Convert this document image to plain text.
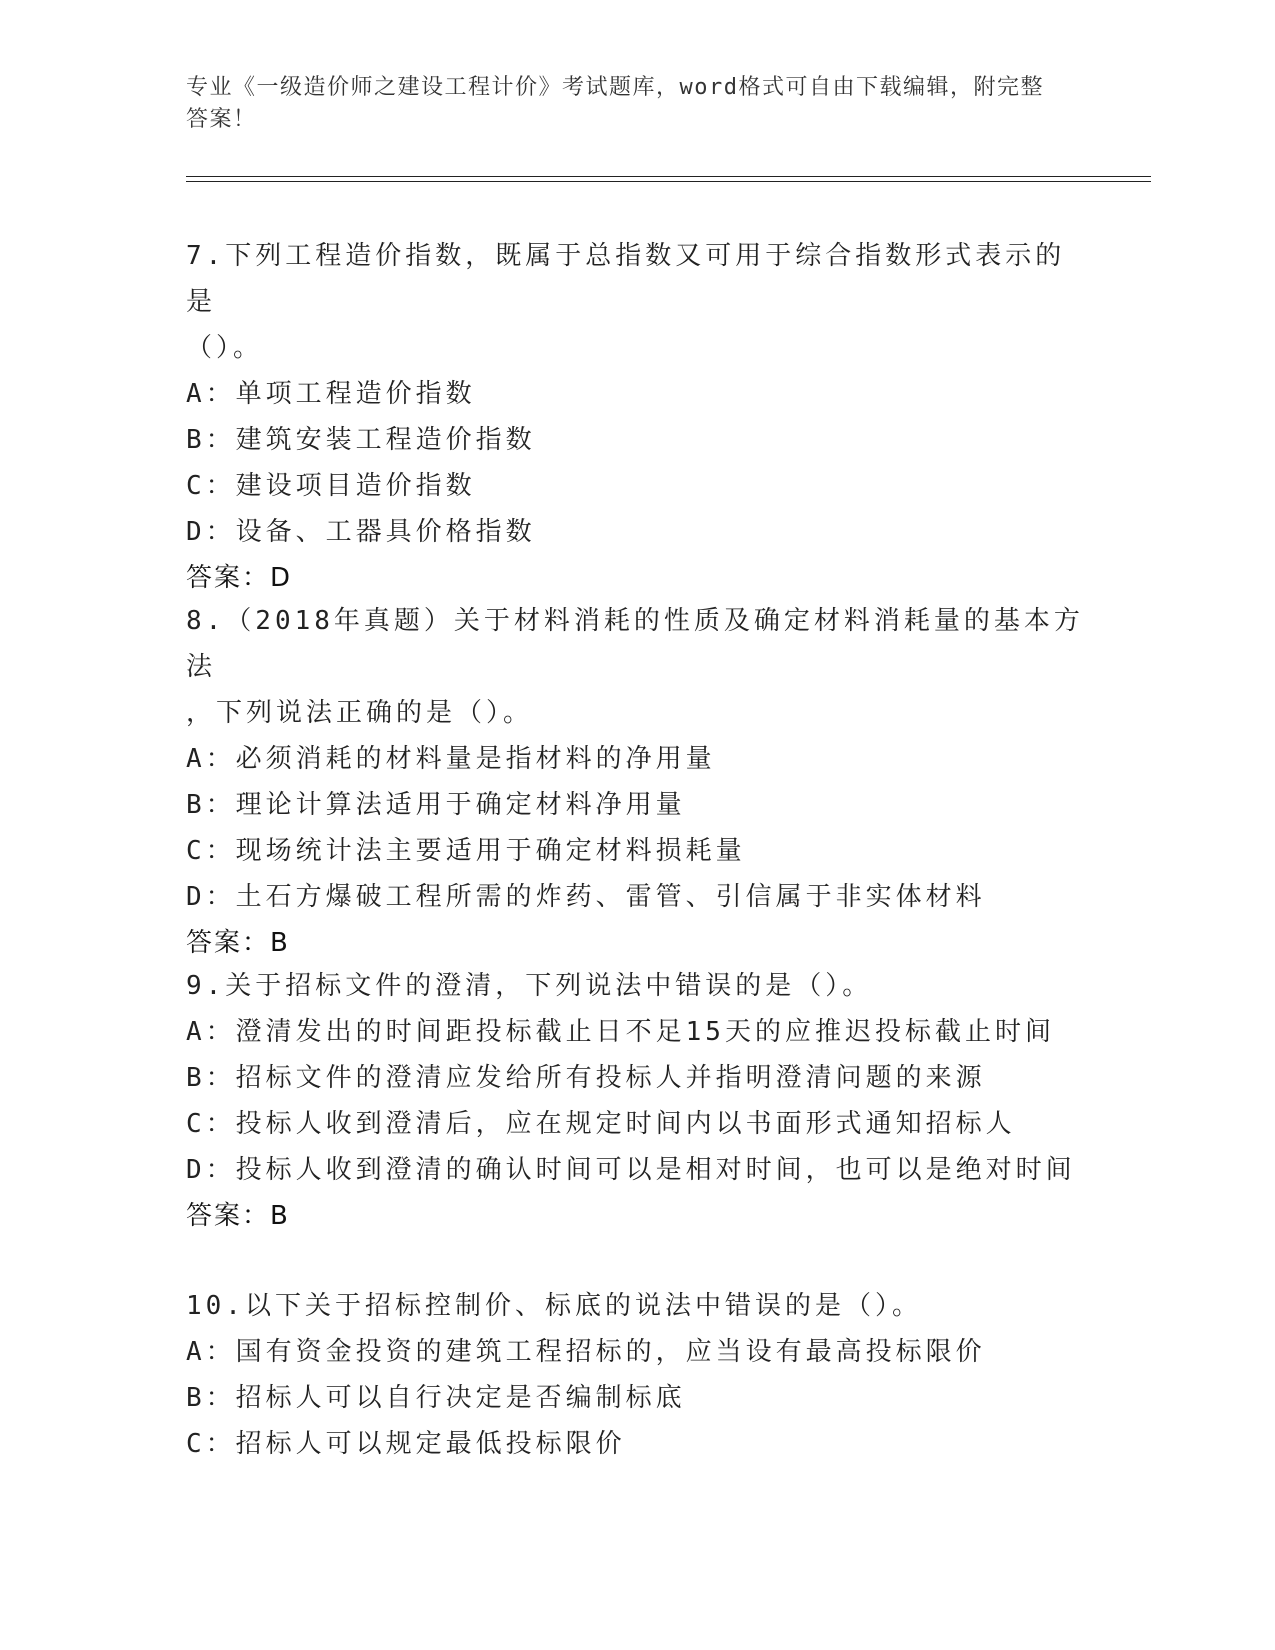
专业《一级造价师之建设工程计价》考试题库，word格式可自由下载编辑，附完整答案！
7.下列工程造价指数，既属于总指数又可用于综合指数形式表示的是
（）。
A：单项工程造价指数
B：建筑安装工程造价指数
C：建设项目造价指数
D：设备、工器具价格指数
答案：D
8.（2018年真题）关于材料消耗的性质及确定材料消耗量的基本方法
，下列说法正确的是（）。
A：必须消耗的材料量是指材料的净用量
B：理论计算法适用于确定材料净用量
C：现场统计法主要适用于确定材料损耗量
D：土石方爆破工程所需的炸药、雷管、引信属于非实体材料
答案：B
9.关于招标文件的澄清，下列说法中错误的是（）。
A：澄清发出的时间距投标截止日不足15天的应推迟投标截止时间
B：招标文件的澄清应发给所有投标人并指明澄清问题的来源
C：投标人收到澄清后，应在规定时间内以书面形式通知招标人
D：投标人收到澄清的确认时间可以是相对时间，也可以是绝对时间
答案：B
10.以下关于招标控制价、标底的说法中错误的是（）。
A：国有资金投资的建筑工程招标的，应当设有最高投标限价
B：招标人可以自行决定是否编制标底
C：招标人可以规定最低投标限价
